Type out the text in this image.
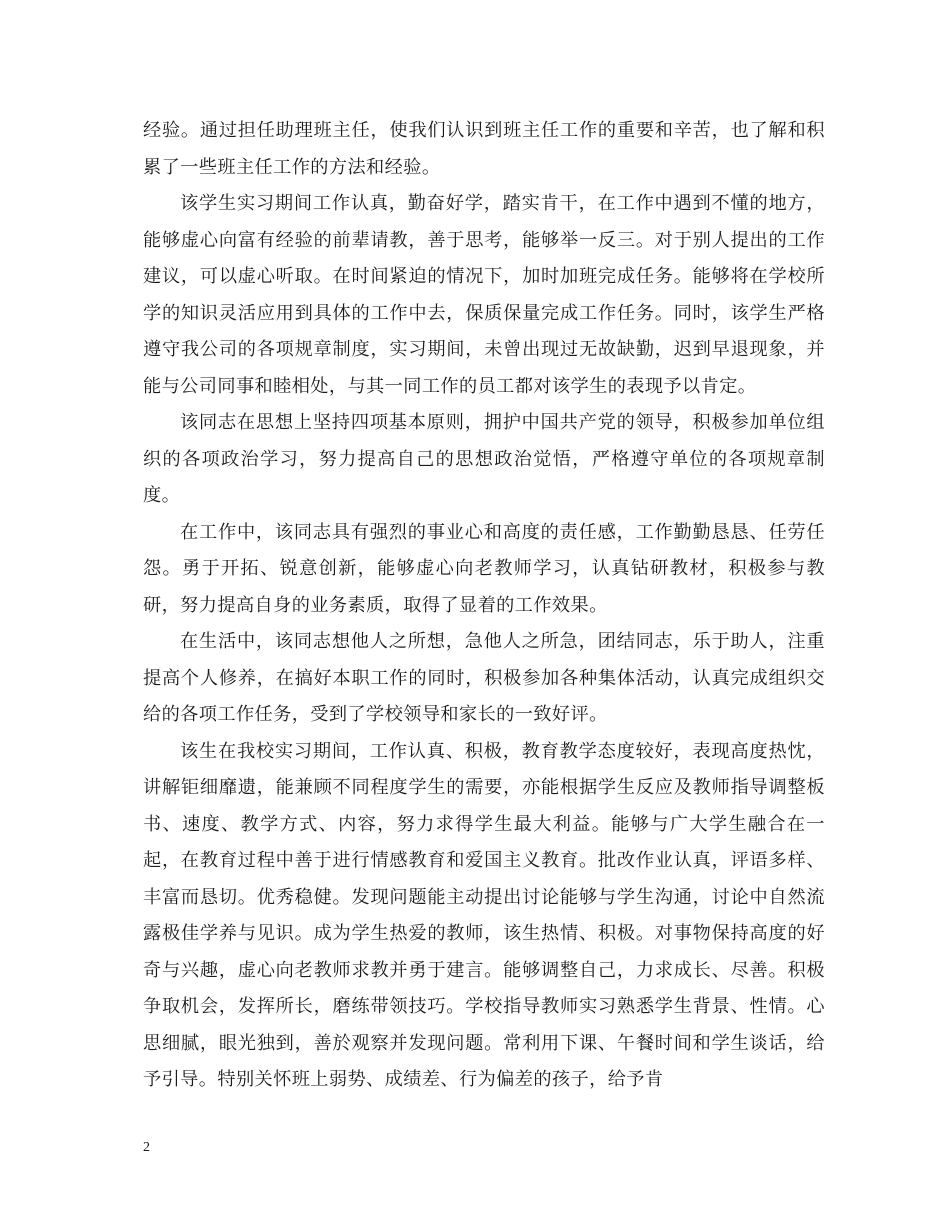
经验。通过担任助理班主任，使我们认识到班主任工作的重要和辛苦，也了解和积累了一些班主任工作的方法和经验。

该学生实习期间工作认真，勤奋好学，踏实肯干，在工作中遇到不懂的地方，能够虚心向富有经验的前辈请教，善于思考，能够举一反三。对于别人提出的工作建议，可以虚心听取。在时间紧迫的情况下，加时加班完成任务。能够将在学校所学的知识灵活应用到具体的工作中去，保质保量完成工作任务。同时，该学生严格遵守我公司的各项规章制度，实习期间，未曾出现过无故缺勤，迟到早退现象，并能与公司同事和睦相处，与其一同工作的员工都对该学生的表现予以肯定。

该同志在思想上坚持四项基本原则，拥护中国共产党的领导，积极参加单位组织的各项政治学习，努力提高自己的思想政治觉悟，严格遵守单位的各项规章制度。

在工作中，该同志具有强烈的事业心和高度的责任感，工作勤勤恳恳、任劳任怨。勇于开拓、锐意创新，能够虚心向老教师学习，认真钻研教材，积极参与教研，努力提高自身的业务素质，取得了显着的工作效果。

在生活中，该同志想他人之所想，急他人之所急，团结同志，乐于助人，注重提高个人修养，在搞好本职工作的同时，积极参加各种集体活动，认真完成组织交给的各项工作任务，受到了学校领导和家长的一致好评。

该生在我校实习期间，工作认真、积极，教育教学态度较好，表现高度热忱，讲解钜细靡遗，能兼顾不同程度学生的需要，亦能根据学生反应及教师指导调整板书、速度、教学方式、内容，努力求得学生最大利益。能够与广大学生融合在一起，在教育过程中善于进行情感教育和爱国主义教育。批改作业认真，评语多样、丰富而恳切。优秀稳健。发现问题能主动提出讨论能够与学生沟通，讨论中自然流露极佳学养与见识。成为学生热爱的教师，该生热情、积极。对事物保持高度的好奇与兴趣，虚心向老教师求教并勇于建言。能够调整自己，力求成长、尽善。积极争取机会，发挥所长，磨练带领技巧。学校指导教师实习熟悉学生背景、性情。心思细腻，眼光独到，善於观察并发现问题。常利用下课、午餐时间和学生谈话，给予引导。特别关怀班上弱势、成绩差、行为偏差的孩子，给予肯

2
